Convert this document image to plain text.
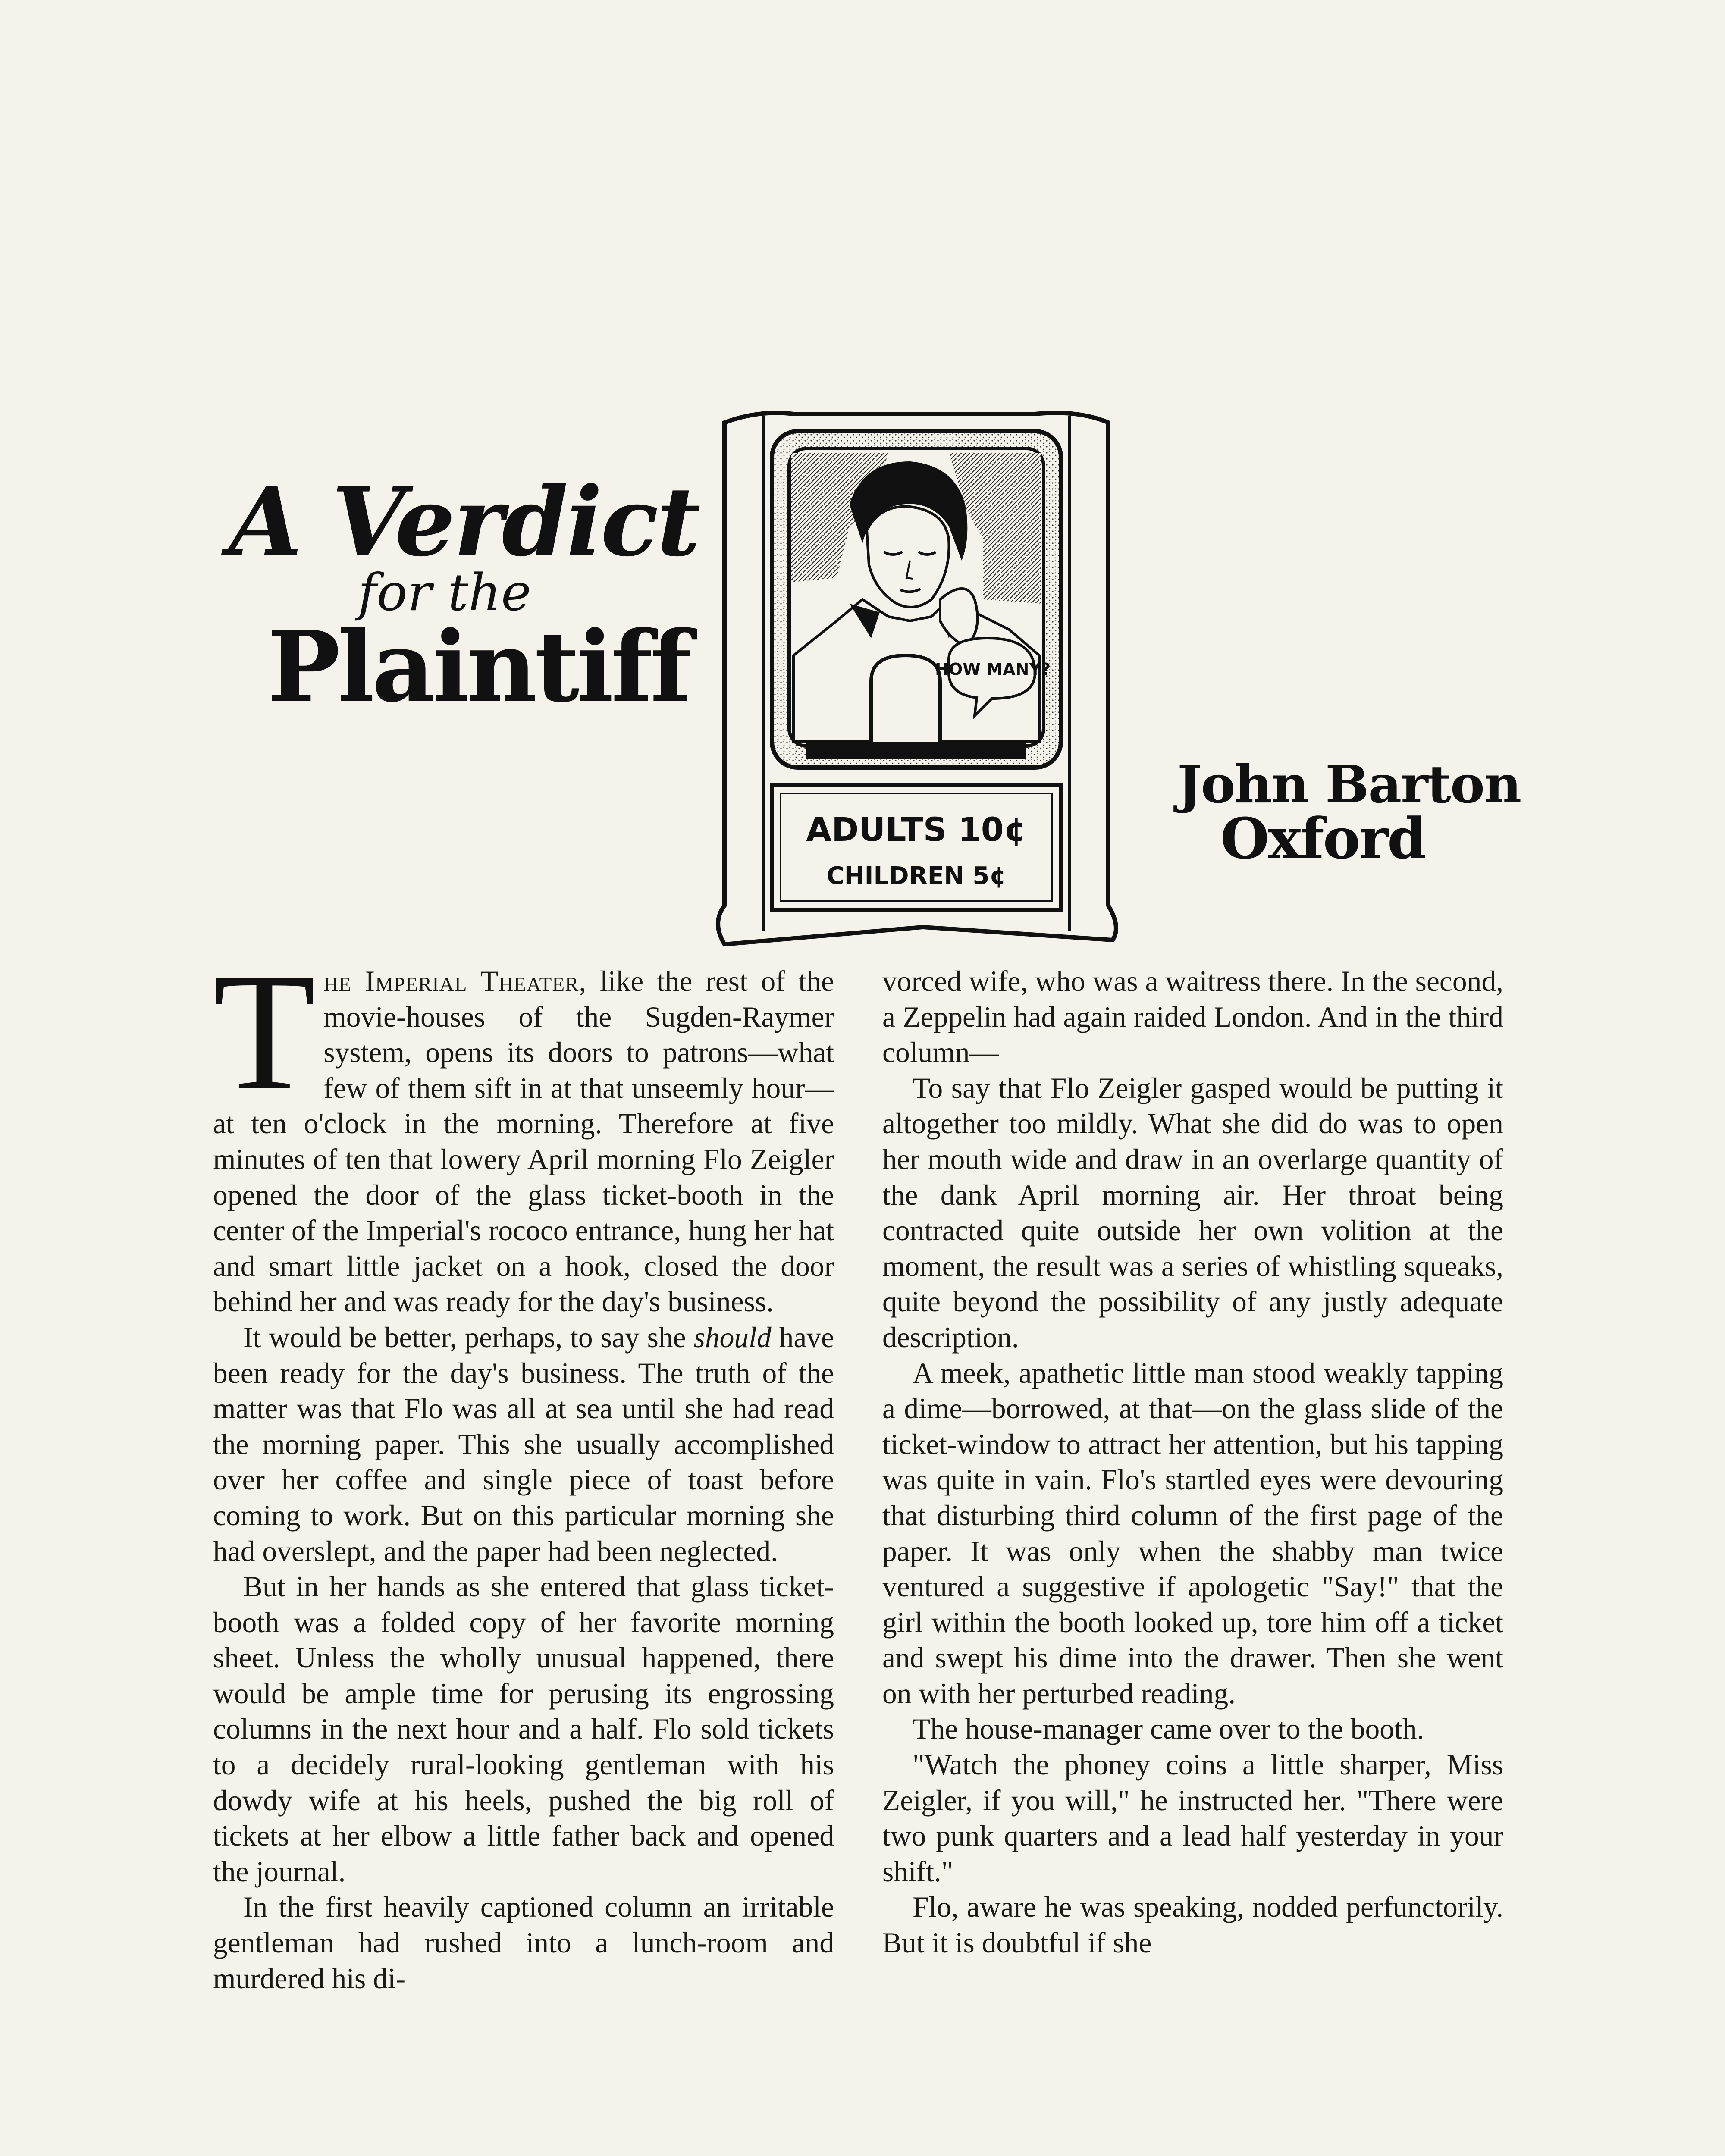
A Verdict
for the
Plaintiff	HOW MANY?
ADULTS 10¢
CHILDREN 5¢
John Barton
Oxford

The Imperial Theater, like the rest of the movie-houses of the Sugden-Raymer system, opens its doors to patrons—what few of them sift in at that unseemly hour—at ten o'clock in the morning. Therefore at five minutes of ten that lowery April morning Flo Zeigler opened the door of the glass ticket-booth in the center of the Imperial's rococo entrance, hung her hat and smart little jacket on a hook, closed the door behind her and was ready for the day's business.

It would be better, perhaps, to say she should have been ready for the day's business. The truth of the matter was that Flo was all at sea until she had read the morning paper. This she usually accomplished over her coffee and single piece of toast before coming to work. But on this particular morning she had overslept, and the paper had been neglected.

But in her hands as she entered that glass ticket-booth was a folded copy of her favorite morning sheet. Unless the wholly unusual happened, there would be ample time for perusing its engrossing columns in the next hour and a half. Flo sold tickets to a decidely rural-looking gentleman with his dowdy wife at his heels, pushed the big roll of tickets at her elbow a little father back and opened the journal.

In the first heavily captioned column an irritable gentleman had rushed into a lunch-room and murdered his di-

vorced wife, who was a waitress there. In the second, a Zeppelin had again raided London. And in the third column—

To say that Flo Zeigler gasped would be putting it altogether too mildly. What she did do was to open her mouth wide and draw in an overlarge quantity of the dank April morning air. Her throat being contracted quite outside her own volition at the moment, the result was a series of whistling squeaks, quite beyond the possibility of any justly adequate description.

A meek, apathetic little man stood weakly tapping a dime—borrowed, at that—on the glass slide of the ticket-window to attract her attention, but his tapping was quite in vain. Flo's startled eyes were devouring that disturbing third column of the first page of the paper. It was only when the shabby man twice ventured a suggestive if apologetic "Say!" that the girl within the booth looked up, tore him off a ticket and swept his dime into the drawer. Then she went on with her perturbed reading.

The house-manager came over to the booth.

"Watch the phoney coins a little sharper, Miss Zeigler, if you will," he instructed her. "There were two punk quarters and a lead half yesterday in your shift."

Flo, aware he was speaking, nodded perfunctorily. But it is doubtful if she
